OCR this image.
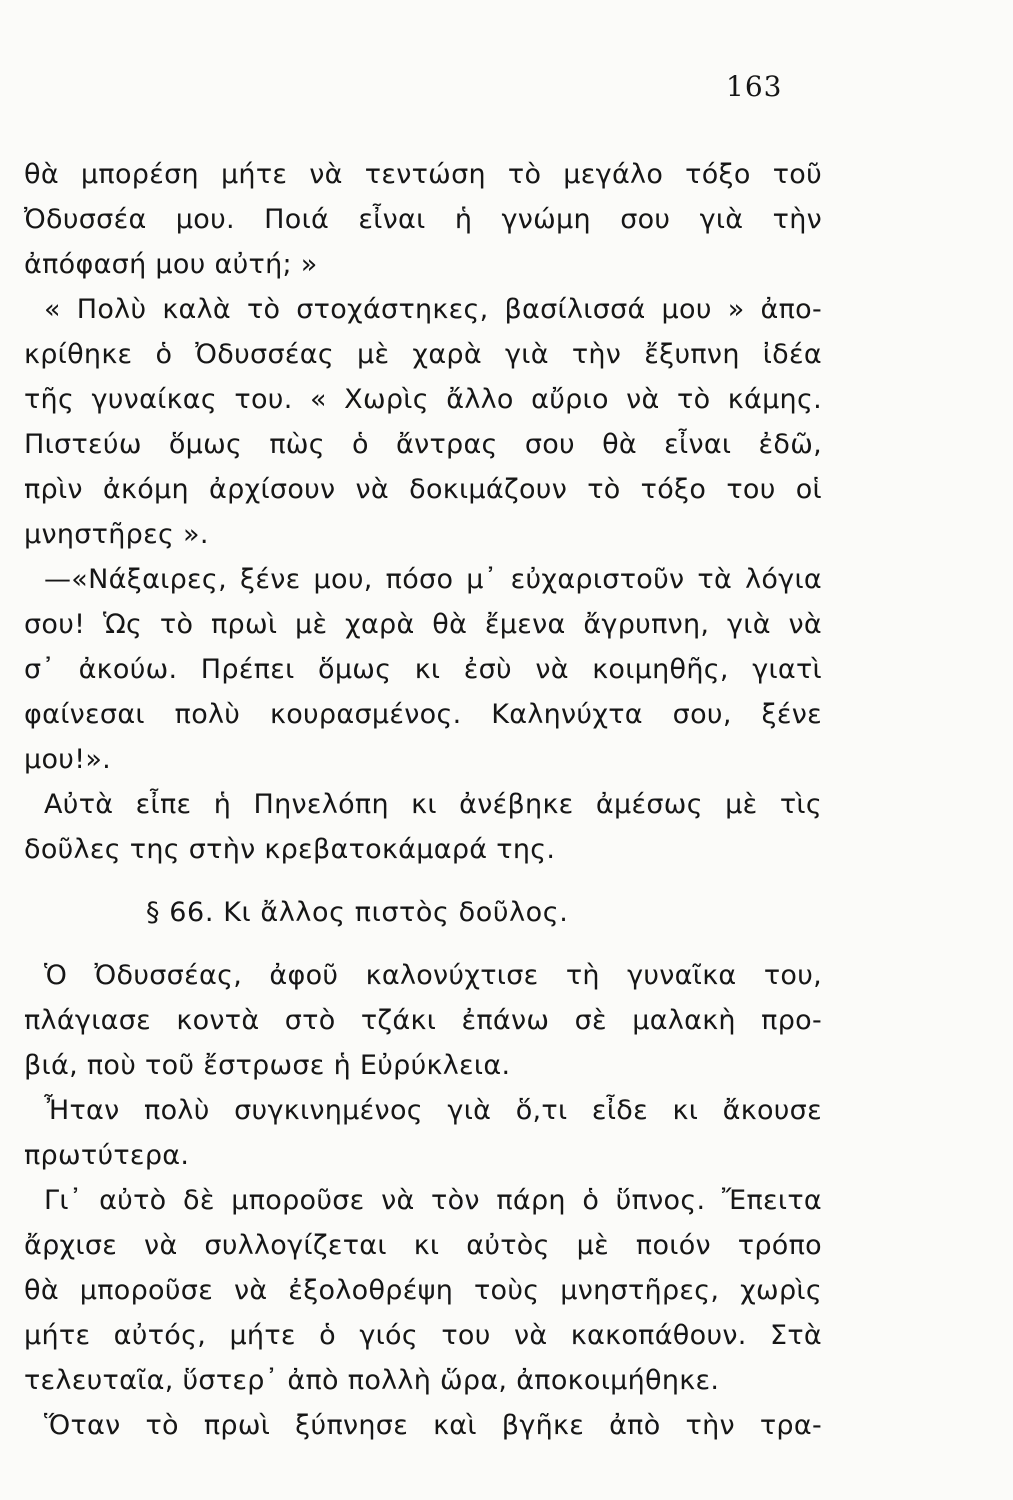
163
θὰ μπορέση μήτε νὰ τεντώση τὸ μεγάλο τόξο τοῦ
Ὀδυσσέα μου. Ποιά εἶναι ἡ γνώμη σου γιὰ τὴν
ἀπόφασή μου αὐτή; »
« Πολὺ καλὰ τὸ στοχάστηκες, βασίλισσά μου » ἀπο-
κρίθηκε ὁ Ὀδυσσέας μὲ χαρὰ γιὰ τὴν ἔξυπνη ἰδέα
τῆς γυναίκας του. « Χωρὶς ἄλλο αὔριο νὰ τὸ κάμης.
Πιστεύω ὅμως πὼς ὁ ἄντρας σου θὰ εἶναι ἐδῶ,
πρὶν ἀκόμη ἀρχίσουν νὰ δοκιμάζουν τὸ τόξο του οἱ
μνηστῆρες ».
—«Νάξαιρες, ξένε μου, πόσο μ᾽ εὐχαριστοῦν τὰ λόγια
σου! Ὡς τὸ πρωὶ μὲ χαρὰ θὰ ἔμενα ἄγρυπνη, γιὰ νὰ
σ᾽ ἀκούω. Πρέπει ὅμως κι ἐσὺ νὰ κοιμηθῆς, γιατὶ
φαίνεσαι πολὺ κουρασμένος. Καληνύχτα σου, ξένε
μου!».
Αὐτὰ εἶπε ἡ Πηνελόπη κι ἀνέβηκε ἀμέσως μὲ τὶς
δοῦλες της στὴν κρεβατοκάμαρά της.
§ 66. Κι ἄλλος πιστὸς δοῦλος.
Ὁ Ὀδυσσέας, ἀφοῦ καλονύχτισε τὴ γυναῖκα του,
πλάγιασε κοντὰ στὸ τζάκι ἐπάνω σὲ μαλακὴ προ-
βιά, ποὺ τοῦ ἔστρωσε ἡ Εὐρύκλεια.
Ἦταν πολὺ συγκινημένος γιὰ ὅ,τι εἶδε κι ἄκουσε
πρωτύτερα.
Γι᾽ αὐτὸ δὲ μποροῦσε νὰ τὸν πάρη ὁ ὕπνος. Ἔπειτα
ἄρχισε νὰ συλλογίζεται κι αὐτὸς μὲ ποιόν τρόπο
θὰ μποροῦσε νὰ ἐξολοθρέψη τοὺς μνηστῆρες, χωρὶς
μήτε αὐτός, μήτε ὁ γιός του νὰ κακοπάθουν. Στὰ
τελευταῖα, ὕστερ᾽ ἀπὸ πολλὴ ὥρα, ἀποκοιμήθηκε.
Ὅταν τὸ πρωὶ ξύπνησε καὶ βγῆκε ἀπὸ τὴν τρα-
